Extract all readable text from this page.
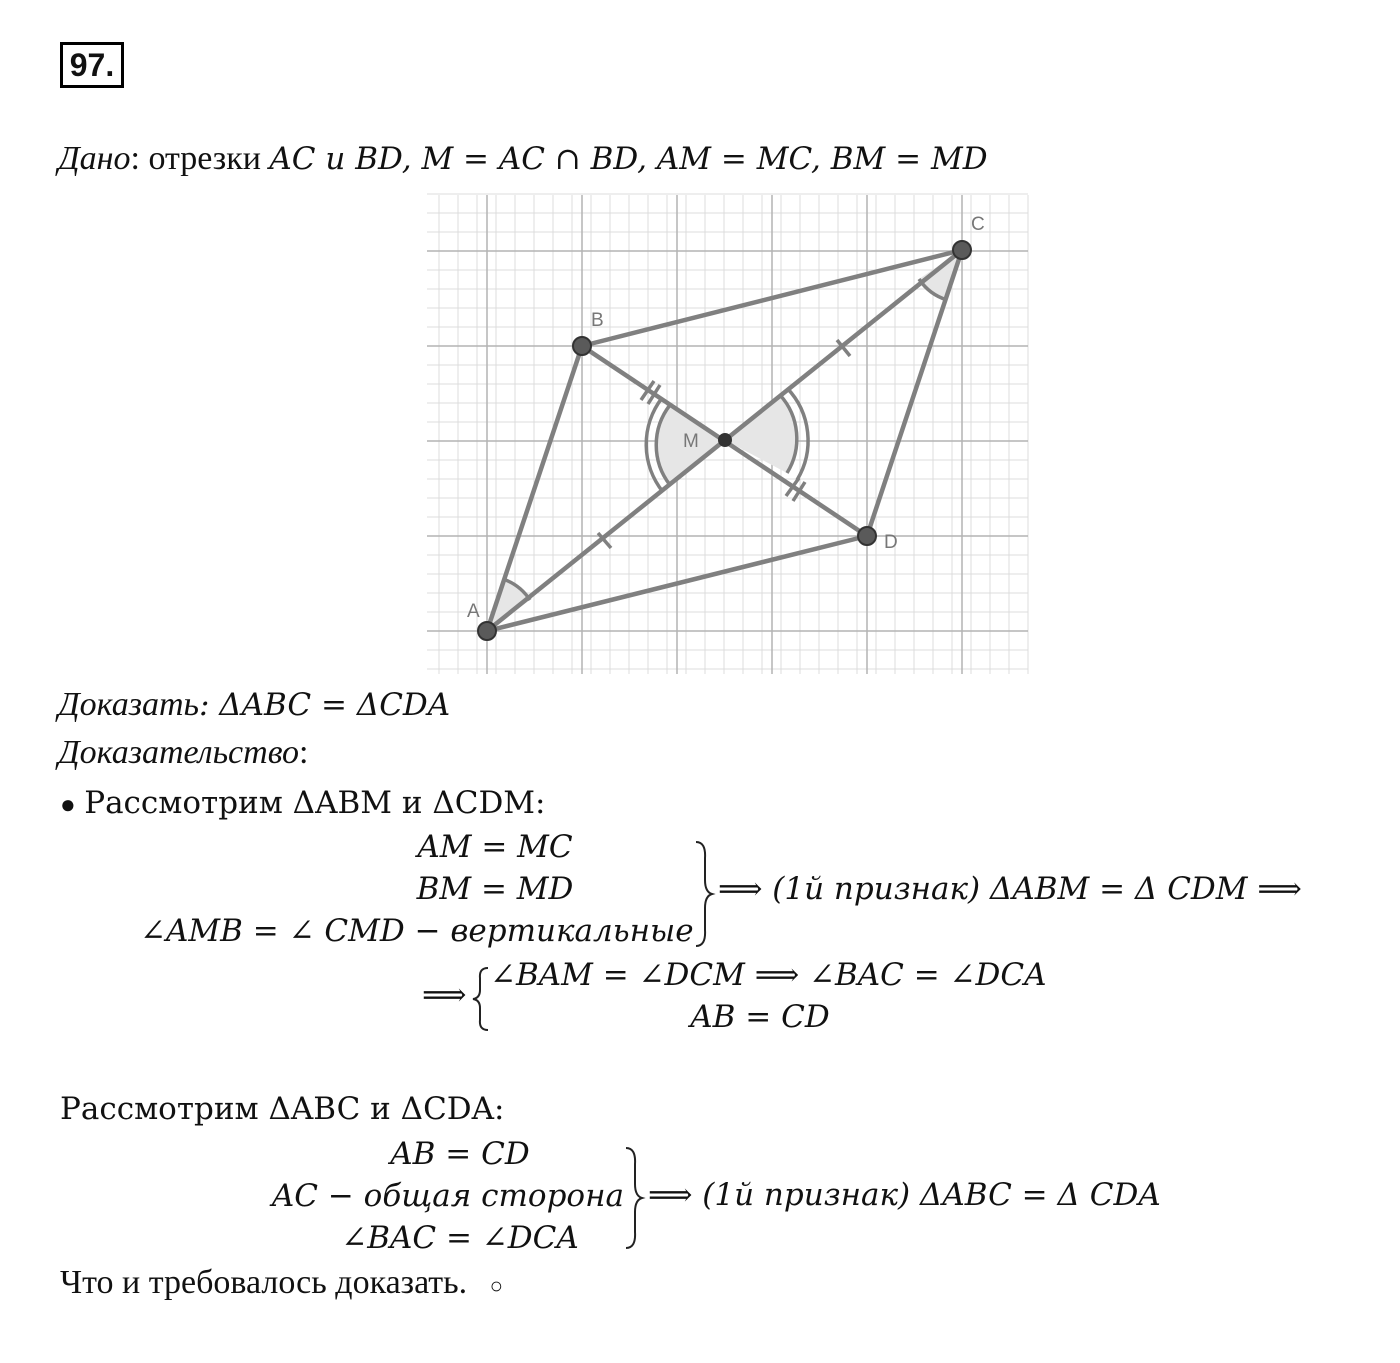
97.
Дано: отрезки AC и BD, M = AC ∩ BD, AM = MC, BM = MD
A
B
C
D
M
Доказать: ΔABC = ΔCDA
Доказательство:
● Рассмотрим ΔABM и ΔCDM:
AM = MC
BM = MD
∠AMB = ∠ CMD − вертикальные
⟹ (1й признак) ΔABM = Δ CDM ⟹
⟹
∠BAM = ∠DCM ⟹ ∠BAC = ∠DCA
AB = CD
Рассмотрим ΔABC и ΔCDA:
AB = CD
AC − общая сторона
∠BAC = ∠DCA
⟹ (1й признак) ΔABC = Δ CDA
Что и требовалось доказать. ○
